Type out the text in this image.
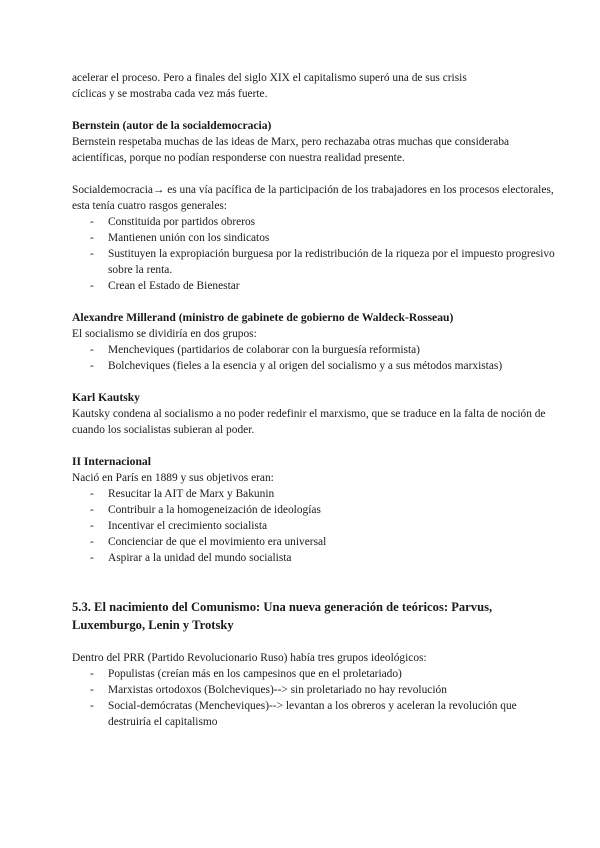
acelerar el proceso. Pero a finales del siglo XIX el capitalismo superó una de sus crisis

cíclicas y se mostraba cada vez más fuerte.

Bernstein (autor de la socialdemocracia)

Bernstein respetaba muchas de las ideas de Marx, pero rechazaba otras muchas que consideraba acientíficas, porque no podían responderse con nuestra realidad presente.

Socialdemocracia→ es una vía pacífica de la participación de los trabajadores en los procesos electorales, esta tenía cuatro rasgos generales:

- Constituida por partidos obreros
- Mantienen unión con los sindicatos
- Sustituyen la expropiación burguesa por la redistribución de la riqueza por el impuesto progresivo sobre la renta.
- Crean el Estado de Bienestar
Alexandre Millerand (ministro de gabinete de gobierno de Waldeck-Rosseau)

El socialismo se dividiría en dos grupos:

- Mencheviques (partidarios de colaborar con la burguesía reformista)
- Bolcheviques (fieles a la esencia y al origen del socialismo y a sus métodos marxistas)
Karl Kautsky

Kautsky condena al socialismo a no poder redefinir el marxismo, que se traduce en la falta de noción de cuando los socialistas subieran al poder.

II Internacional

Nació en París en 1889 y sus objetivos eran:

- Resucitar la AIT de Marx y Bakunin
- Contribuir a la homogeneización de ideologías
- Incentivar el crecimiento socialista
- Concienciar de que el movimiento era universal
- Aspirar a la unidad del mundo socialista
5.3. El nacimiento del Comunismo: Una nueva generación de teóricos: Parvus, Luxemburgo, Lenin y Trotsky

Dentro del PRR (Partido Revolucionario Ruso) había tres grupos ideológicos:

- Populistas (creían más en los campesinos que en el proletariado)
- Marxistas ortodoxos (Bolcheviques)--> sin proletariado no hay revolución
- Social-demócratas (Mencheviques)--> levantan a los obreros y aceleran la revolución que destruiría el capitalismo
